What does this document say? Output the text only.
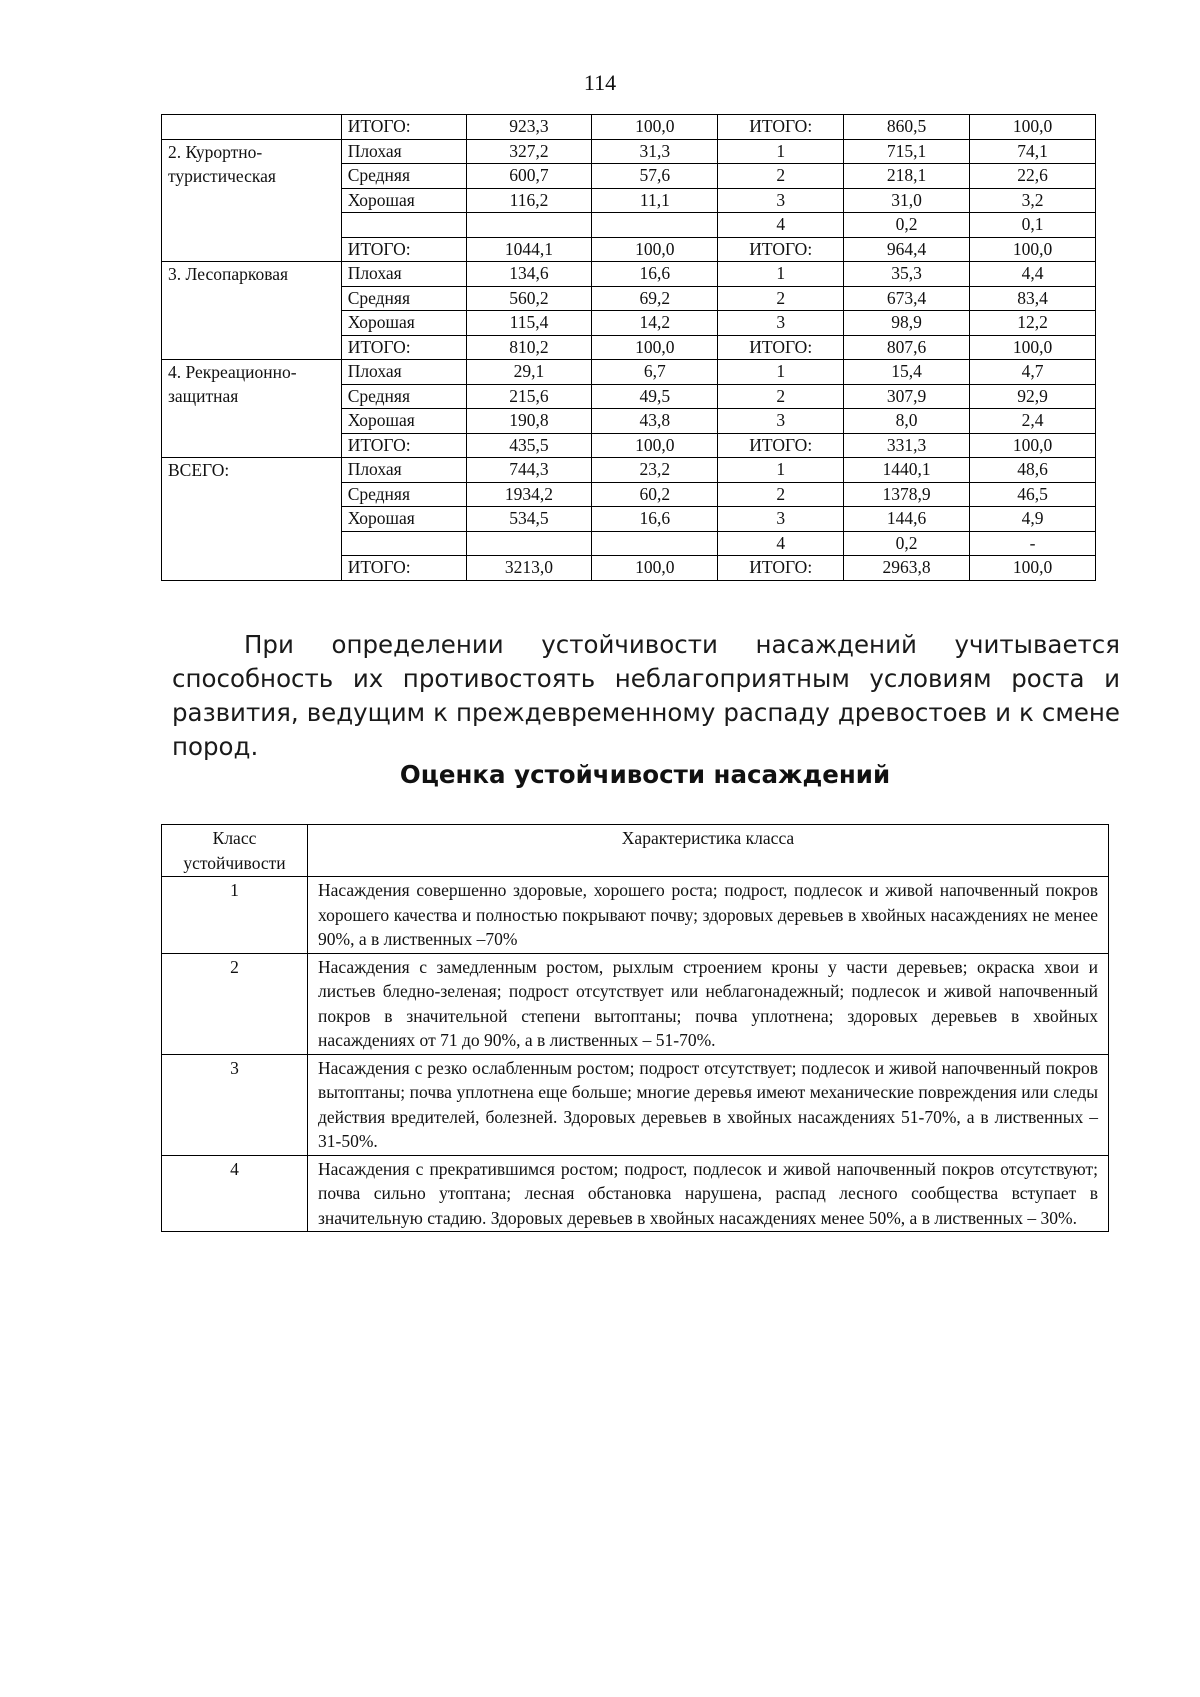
114
	ИТОГО:	923,3	100,0	ИТОГО:	860,5	100,0
2. Курортно-туристическая	Плохая	327,2	31,3	1	715,1	74,1
	Средняя	600,7	57,6	2	218,1	22,6
	Хорошая	116,2	11,1	3	31,0	3,2
				4	0,2	0,1
	ИТОГО:	1044,1	100,0	ИТОГО:	964,4	100,0
3. Лесопарковая	Плохая	134,6	16,6	1	35,3	4,4
	Средняя	560,2	69,2	2	673,4	83,4
	Хорошая	115,4	14,2	3	98,9	12,2
	ИТОГО:	810,2	100,0	ИТОГО:	807,6	100,0
4. Рекреационно-защитная	Плохая	29,1	6,7	1	15,4	4,7
	Средняя	215,6	49,5	2	307,9	92,9
	Хорошая	190,8	43,8	3	8,0	2,4
	ИТОГО:	435,5	100,0	ИТОГО:	331,3	100,0
ВСЕГО:	Плохая	744,3	23,2	1	1440,1	48,6
	Средняя	1934,2	60,2	2	1378,9	46,5
	Хорошая	534,5	16,6	3	144,6	4,9
				4	0,2	-
	ИТОГО:	3213,0	100,0	ИТОГО:	2963,8	100,0

При определении устойчивости насаждений учитывается способность их противостоять неблагоприятным условиям роста и развития, ведущим к преждевременному распаду древостоев и к смене пород.

Оценка устойчивости насаждений
Класс устойчивости	Характеристика класса
1	Насаждения совершенно здоровые, хорошего роста; подрост, подлесок и живой напочвенный покров хорошего качества и полностью покрывают почву; здоровых деревьев в хвойных насаждениях не менее 90%, а в лиственных –70%
2	Насаждения с замедленным ростом, рыхлым строением кроны у части деревьев; окраска хвои и листьев бледно-зеленая; подрост отсутствует или неблагонадежный; подлесок и живой напочвенный покров в значительной степени вытоптаны; почва уплотнена; здоровых деревьев в хвойных насаждениях от 71 до 90%, а в лиственных – 51-70%.
3	Насаждения с резко ослабленным ростом; подрост отсутствует; подлесок и живой напочвенный покров вытоптаны; почва уплотнена еще больше; многие деревья имеют механические повреждения или следы действия вредителей, болезней. Здоровых деревьев в хвойных насаждениях 51-70%, а в лиственных – 31-50%.
4	Насаждения с прекратившимся ростом; подрост, подлесок и живой напочвенный покров отсутствуют; почва сильно утоптана; лесная обстановка нарушена, распад лесного сообщества вступает в значительную стадию. Здоровых деревьев в хвойных насаждениях менее 50%, а в лиственных – 30%.
